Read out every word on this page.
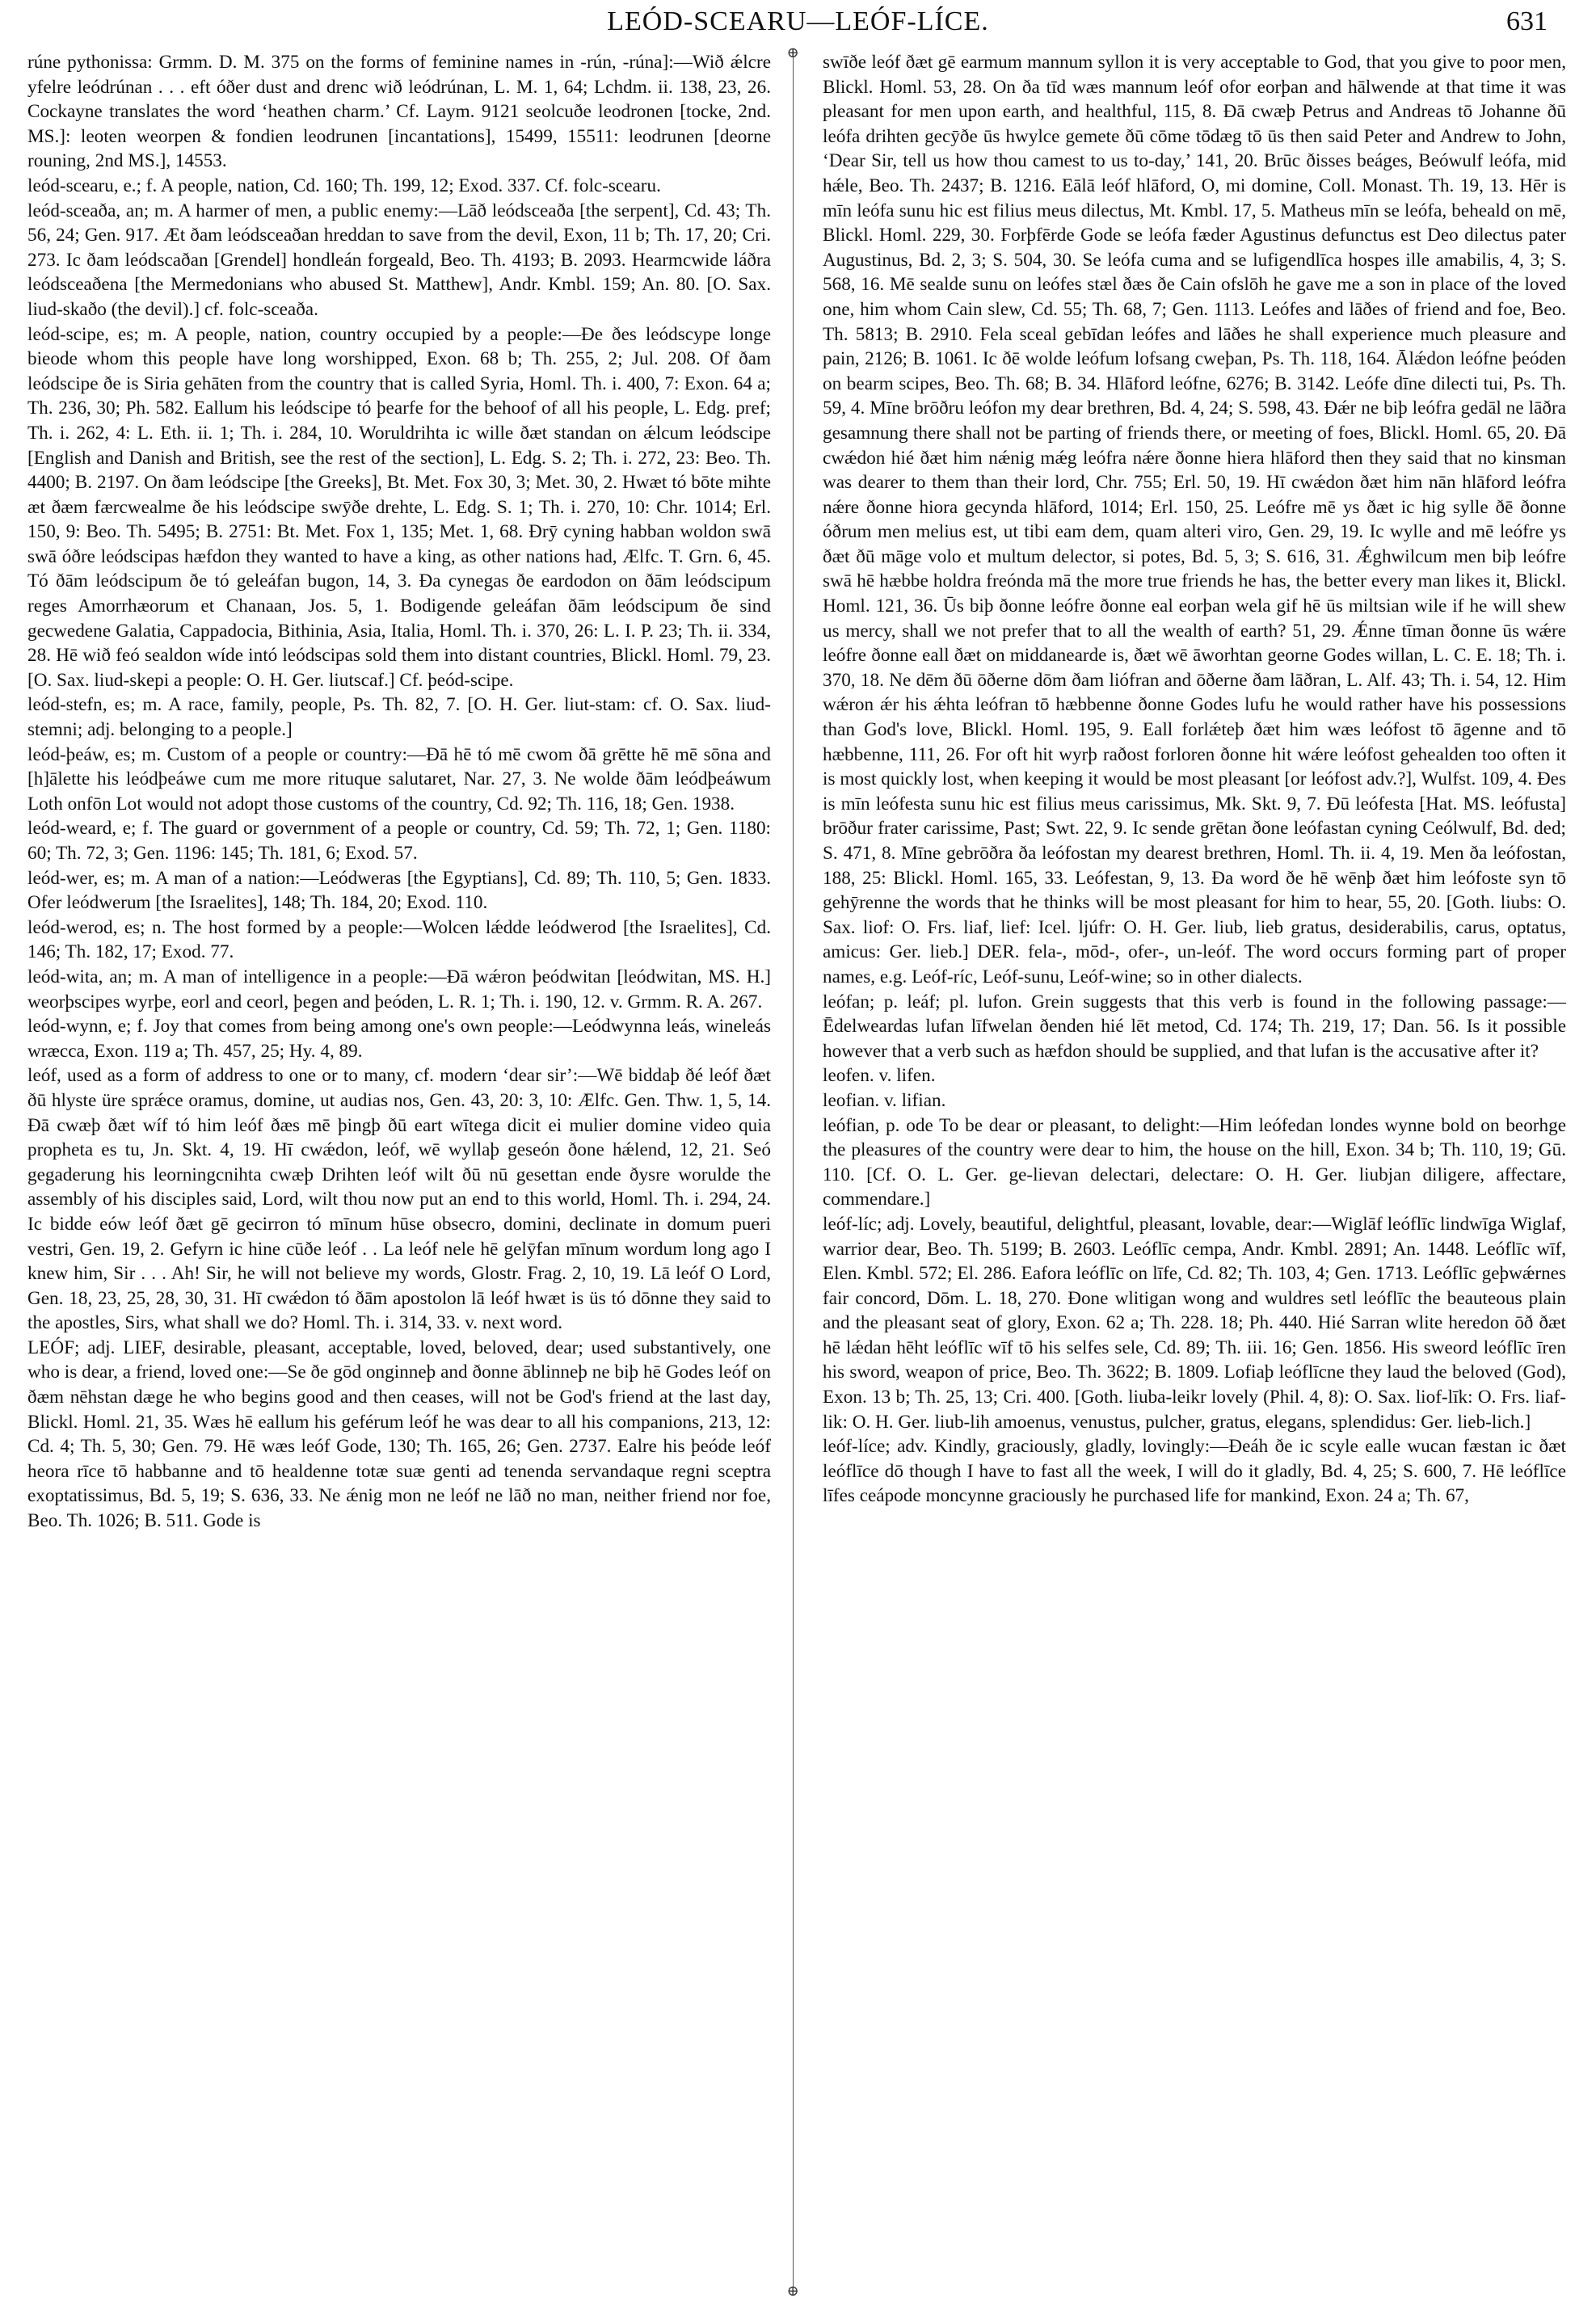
LEÓD-SCEARU—LEÓF-LÍCE.	631
⊕
⊕

rúne pythonissa: Grmm. D. M. 375 on the forms of feminine names in -rún, -rúna]:—Wið ǽlcre yfelre leódrúnan . . . eft óðer dust and drenc wið leódrúnan, L. M. 1, 64; Lchdm. ii. 138, 23, 26. Cockayne translates the word ‘heathen charm.’ Cf. Laym. 9121 seolcuðe leodronen [tocke, 2nd. MS.]: leoten weorpen & fondien leodrunen [incantations], 15499, 15511: leodrunen [deorne rouning, 2nd MS.], 14553.

leód-scearu, e.; f. A people, nation, Cd. 160; Th. 199, 12; Exod. 337. Cf. folc-scearu.

leód-sceaða, an; m. A harmer of men, a public enemy:—Lāð leódsceaða [the serpent], Cd. 43; Th. 56, 24; Gen. 917. Æt ðam leódsceaðan hreddan to save from the devil, Exon, 11 b; Th. 17, 20; Cri. 273. Ic ðam leódscaðan [Grendel] hondleán forgeald, Beo. Th. 4193; B. 2093. Hearmcwide láðra leódsceaðena [the Mermedonians who abused St. Matthew], Andr. Kmbl. 159; An. 80. [O. Sax. liud-skaðo (the devil).] cf. folc-sceaða.

leód-scipe, es; m. A people, nation, country occupied by a people:—Ðe ðes leódscype longe bieode whom this people have long worshipped, Exon. 68 b; Th. 255, 2; Jul. 208. Of ðam leódscipe ðe is Siria gehāten from the country that is called Syria, Homl. Th. i. 400, 7: Exon. 64 a; Th. 236, 30; Ph. 582. Eallum his leódscipe tó þearfe for the behoof of all his people, L. Edg. pref; Th. i. 262, 4: L. Eth. ii. 1; Th. i. 284, 10. Woruldrihta ic wille ðæt standan on ǽlcum leódscipe [English and Danish and British, see the rest of the section], L. Edg. S. 2; Th. i. 272, 23: Beo. Th. 4400; B. 2197. On ðam leódscipe [the Greeks], Bt. Met. Fox 30, 3; Met. 30, 2. Hwæt tó bōte mihte æt ðæm færcwealme ðe his leódscipe swȳðe drehte, L. Edg. S. 1; Th. i. 270, 10: Chr. 1014; Erl. 150, 9: Beo. Th. 5495; B. 2751: Bt. Met. Fox 1, 135; Met. 1, 68. Ðrȳ cyning habban woldon swā swā óðre leódscipas hæfdon they wanted to have a king, as other nations had, Ælfc. T. Grn. 6, 45. Tó ðām leódscipum ðe tó geleáfan bugon, 14, 3. Ða cynegas ðe eardodon on ðām leódscipum reges Amorrhæorum et Chanaan, Jos. 5, 1. Bodigende geleáfan ðām leódscipum ðe sind gecwedene Galatia, Cappadocia, Bithinia, Asia, Italia, Homl. Th. i. 370, 26: L. I. P. 23; Th. ii. 334, 28. Hē wið feó sealdon wíde intó leódscipas sold them into distant countries, Blickl. Homl. 79, 23. [O. Sax. liud-skepi a people: O. H. Ger. liutscaf.] Cf. þeód-scipe.

leód-stefn, es; m. A race, family, people, Ps. Th. 82, 7. [O. H. Ger. liut-stam: cf. O. Sax. liud-stemni; adj. belonging to a people.]

leód-þeáw, es; m. Custom of a people or country:—Ðā hē tó mē cwom ðā grētte hē mē sōna and [h]ālette his leódþeáwe cum me more rituque salutaret, Nar. 27, 3. Ne wolde ðām leódþeáwum Loth onfōn Lot would not adopt those customs of the country, Cd. 92; Th. 116, 18; Gen. 1938.

leód-weard, e; f. The guard or government of a people or country, Cd. 59; Th. 72, 1; Gen. 1180: 60; Th. 72, 3; Gen. 1196: 145; Th. 181, 6; Exod. 57.

leód-wer, es; m. A man of a nation:—Leódweras [the Egyptians], Cd. 89; Th. 110, 5; Gen. 1833. Ofer leódwerum [the Israelites], 148; Th. 184, 20; Exod. 110.

leód-werod, es; n. The host formed by a people:—Wolcen lǽdde leódwerod [the Israelites], Cd. 146; Th. 182, 17; Exod. 77.

leód-wita, an; m. A man of intelligence in a people:—Ðā wǽron þeódwitan [leódwitan, MS. H.] weorþscipes wyrþe, eorl and ceorl, þegen and þeóden, L. R. 1; Th. i. 190, 12. v. Grmm. R. A. 267.

leód-wynn, e; f. Joy that comes from being among one's own people:—Leódwynna leás, wineleás wræcca, Exon. 119 a; Th. 457, 25; Hy. 4, 89.

leóf, used as a form of address to one or to many, cf. modern ‘dear sir’:—Wē biddaþ ðé leóf ðæt ðū hlyste üre sprǽce oramus, domine, ut audias nos, Gen. 43, 20: 3, 10: Ælfc. Gen. Thw. 1, 5, 14. Ðā cwæþ ðæt wíf tó him leóf ðæs mē þingþ ðū eart wītega dicit ei mulier domine video quia propheta es tu, Jn. Skt. 4, 19. Hī cwǽdon, leóf, wē wyllaþ geseón ðone hǽlend, 12, 21. Seó gegaderung his leorningcnihta cwæþ Drihten leóf wilt ðū nū gesettan ende ðysre worulde the assembly of his disciples said, Lord, wilt thou now put an end to this world, Homl. Th. i. 294, 24. Ic bidde eów leóf ðæt gē gecirron tó mīnum hūse obsecro, domini, declinate in domum pueri vestri, Gen. 19, 2. Gefyrn ic hine cūðe leóf . . La leóf nele hē gelȳfan mīnum wordum long ago I knew him, Sir . . . Ah! Sir, he will not believe my words, Glostr. Frag. 2, 10, 19. Lā leóf O Lord, Gen. 18, 23, 25, 28, 30, 31. Hī cwǽdon tó ðām apostolon lā leóf hwæt is üs tó dōnne they said to the apostles, Sirs, what shall we do? Homl. Th. i. 314, 33. v. next word.

LEÓF; adj. LIEF, desirable, pleasant, acceptable, loved, beloved, dear; used substantively, one who is dear, a friend, loved one:—Se ðe gōd onginneþ and ðonne āblinneþ ne biþ hē Godes leóf on ðæm nēhstan dæge he who begins good and then ceases, will not be God's friend at the last day, Blickl. Homl. 21, 35. Wæs hē eallum his geférum leóf he was dear to all his companions, 213, 12: Cd. 4; Th. 5, 30; Gen. 79. Hē wæs leóf Gode, 130; Th. 165, 26; Gen. 2737. Ealre his þeóde leóf heora rīce tō habbanne and tō healdenne totæ suæ genti ad tenenda servandaque regni sceptra exoptatissimus, Bd. 5, 19; S. 636, 33. Ne ǽnig mon ne leóf ne lāð no man, neither friend nor foe, Beo. Th. 1026; B. 511. Gode is

swīðe leóf ðæt gē earmum mannum syllon it is very acceptable to God, that you give to poor men, Blickl. Homl. 53, 28. On ða tīd wæs mannum leóf ofor eorþan and hālwende at that time it was pleasant for men upon earth, and healthful, 115, 8. Ðā cwæþ Petrus and Andreas tō Johanne ðū leófa drihten gecȳðe ūs hwylce gemete ðū cōme tōdæg tō ūs then said Peter and Andrew to John, ‘Dear Sir, tell us how thou camest to us to-day,’ 141, 20. Brūc ðisses beáges, Beówulf leófa, mid hǽle, Beo. Th. 2437; B. 1216. Eālā leóf hlāford, O, mi domine, Coll. Monast. Th. 19, 13. Hēr is mīn leófa sunu hic est filius meus dilectus, Mt. Kmbl. 17, 5. Matheus mīn se leófa, beheald on mē, Blickl. Homl. 229, 30. Forþfērde Gode se leófa fæder Agustinus defunctus est Deo dilectus pater Augustinus, Bd. 2, 3; S. 504, 30. Se leófa cuma and se lufigendlīca hospes ille amabilis, 4, 3; S. 568, 16. Mē sealde sunu on leófes stæl ðæs ðe Cain ofslōh he gave me a son in place of the loved one, him whom Cain slew, Cd. 55; Th. 68, 7; Gen. 1113. Leófes and lāðes of friend and foe, Beo. Th. 5813; B. 2910. Fela sceal gebīdan leófes and lāðes he shall experience much pleasure and pain, 2126; B. 1061. Ic ðē wolde leófum lofsang cweþan, Ps. Th. 118, 164. Ālǽdon leófne þeóden on bearm scipes, Beo. Th. 68; B. 34. Hlāford leófne, 6276; B. 3142. Leófe dīne dilecti tui, Ps. Th. 59, 4. Mīne brōðru leófon my dear brethren, Bd. 4, 24; S. 598, 43. Ðǽr ne biþ leófra gedāl ne lāðra gesamnung there shall not be parting of friends there, or meeting of foes, Blickl. Homl. 65, 20. Ðā cwǽdon hié ðæt him nǽnig mǽg leófra nǽre ðonne hiera hlāford then they said that no kinsman was dearer to them than their lord, Chr. 755; Erl. 50, 19. Hī cwǽdon ðæt him nān hlāford leófra nǽre ðonne hiora gecynda hlāford, 1014; Erl. 150, 25. Leófre mē ys ðæt ic hig sylle ðē ðonne óðrum men melius est, ut tibi eam dem, quam alteri viro, Gen. 29, 19. Ic wylle and mē leófre ys ðæt ðū māge volo et multum delector, si potes, Bd. 5, 3; S. 616, 31. Ǽghwilcum men biþ leófre swā hē hæbbe holdra freónda mā the more true friends he has, the better every man likes it, Blickl. Homl. 121, 36. Ūs biþ ðonne leófre ðonne eal eorþan wela gif hē ūs miltsian wile if he will shew us mercy, shall we not prefer that to all the wealth of earth? 51, 29. Ǽnne tīman ðonne ūs wǽre leófre ðonne eall ðæt on middanearde is, ðæt wē āworhtan georne Godes willan, L. C. E. 18; Th. i. 370, 18. Ne dēm ðū ōðerne dōm ðam liófran and ōðerne ðam lāðran, L. Alf. 43; Th. i. 54, 12. Him wǽron ǽr his ǽhta leófran tō hæbbenne ðonne Godes lufu he would rather have his possessions than God's love, Blickl. Homl. 195, 9. Eall forlǽteþ ðæt him wæs leófost tō āgenne and tō hæbbenne, 111, 26. For oft hit wyrþ raðost forloren ðonne hit wǽre leófost gehealden too often it is most quickly lost, when keeping it would be most pleasant [or leófost adv.?], Wulfst. 109, 4. Ðes is mīn leófesta sunu hic est filius meus carissimus, Mk. Skt. 9, 7. Ðū leófesta [Hat. MS. leófusta] brōður frater carissime, Past; Swt. 22, 9. Ic sende grētan ðone leófastan cyning Ceólwulf, Bd. ded; S. 471, 8. Mīne gebrōðra ða leófostan my dearest brethren, Homl. Th. ii. 4, 19. Men ða leófostan, 188, 25: Blickl. Homl. 165, 33. Leófestan, 9, 13. Ða word ðe hē wēnþ ðæt him leófoste syn tō gehȳrenne the words that he thinks will be most pleasant for him to hear, 55, 20. [Goth. liubs: O. Sax. liof: O. Frs. liaf, lief: Icel. ljúfr: O. H. Ger. liub, lieb gratus, desiderabilis, carus, optatus, amicus: Ger. lieb.] DER. fela-, mōd-, ofer-, un-leóf. The word occurs forming part of proper names, e.g. Leóf-ríc, Leóf-sunu, Leóf-wine; so in other dialects.

leófan; p. leáf; pl. lufon. Grein suggests that this verb is found in the following passage:—Ēdelweardas lufan līfwelan ðenden hié lēt metod, Cd. 174; Th. 219, 17; Dan. 56. Is it possible however that a verb such as hæfdon should be supplied, and that lufan is the accusative after it?

leofen. v. lifen.

leofian. v. lifian.

leófian, p. ode To be dear or pleasant, to delight:—Him leófedan londes wynne bold on beorhge the pleasures of the country were dear to him, the house on the hill, Exon. 34 b; Th. 110, 19; Gū. 110. [Cf. O. L. Ger. ge-lievan delectari, delectare: O. H. Ger. liubjan diligere, affectare, commendare.]

leóf-líc; adj. Lovely, beautiful, delightful, pleasant, lovable, dear:—Wiglāf leóflīc lindwīga Wiglaf, warrior dear, Beo. Th. 5199; B. 2603. Leóflīc cempa, Andr. Kmbl. 2891; An. 1448. Leóflīc wīf, Elen. Kmbl. 572; El. 286. Eafora leóflīc on līfe, Cd. 82; Th. 103, 4; Gen. 1713. Leóflīc geþwǽrnes fair concord, Dōm. L. 18, 270. Ðone wlitigan wong and wuldres setl leóflīc the beauteous plain and the pleasant seat of glory, Exon. 62 a; Th. 228. 18; Ph. 440. Hié Sarran wlite heredon ōð ðæt hē lǽdan hēht leóflīc wīf tō his selfes sele, Cd. 89; Th. iii. 16; Gen. 1856. His sweord leóflīc īren his sword, weapon of price, Beo. Th. 3622; B. 1809. Lofiaþ leóflīcne they laud the beloved (God), Exon. 13 b; Th. 25, 13; Cri. 400. [Goth. liuba-leikr lovely (Phil. 4, 8): O. Sax. liof-līk: O. Frs. liaf-lik: O. H. Ger. liub-lih amoenus, venustus, pulcher, gratus, elegans, splendidus: Ger. lieb-lich.]

leóf-líce; adv. Kindly, graciously, gladly, lovingly:—Ðeáh ðe ic scyle ealle wucan fæstan ic ðæt leóflīce dō though I have to fast all the week, I will do it gladly, Bd. 4, 25; S. 600, 7. Hē leóflīce līfes ceápode moncynne graciously he purchased life for mankind, Exon. 24 a; Th. 67,
